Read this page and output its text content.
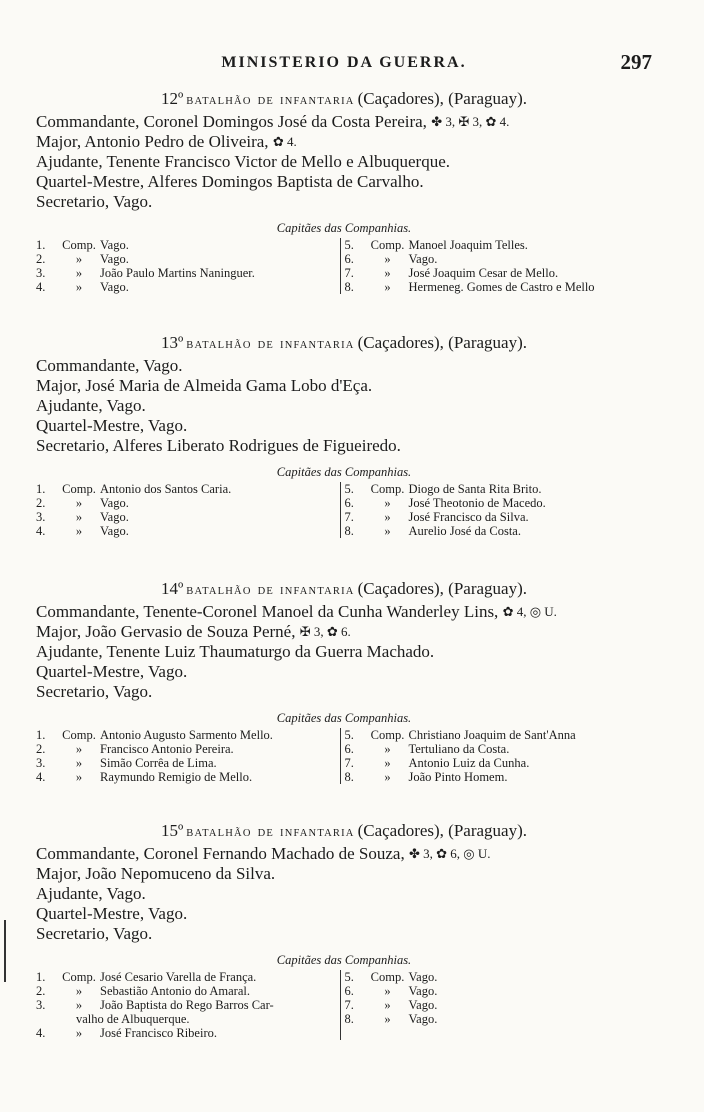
MINISTERIO DA GUERRA.	297
12º BATALHÃO DE INFANTARIA (Caçadores), (Paraguay).
Commandante, Coronel Domingos José da Costa Pereira, ✤ 3, ✠ 3, ✿ 4.
Major, Antonio Pedro de Oliveira, ✿ 4.
Ajudante, Tenente Francisco Victor de Mello e Albuquerque.
Quartel-Mestre, Alferes Domingos Baptista de Carvalho.
Secretario, Vago.
Capitães das Companhias.
1.	Comp. Vago.
2.	»	Vago.
3.	»	João Paulo Martins Naninguer.
4.	»	Vago.
5.	Comp. Manoel Joaquim Telles.
6.	»	Vago.
7.	»	José Joaquim Cesar de Mello.
8.	»	Hermeneg. Gomes de Castro e Mello
13º BATALHÃO DE INFANTARIA (Caçadores), (Paraguay).
Commandante, Vago.
Major, José Maria de Almeida Gama Lobo d'Eça.
Ajudante, Vago.
Quartel-Mestre, Vago.
Secretario, Alferes Liberato Rodrigues de Figueiredo.
Capitães das Companhias.
1.	Comp. Antonio dos Santos Caria.
2.	»	Vago.
3.	»	Vago.
4.	»	Vago.
5.	Comp. Diogo de Santa Rita Brito.
6.	»	José Theotonio de Macedo.
7.	»	José Francisco da Silva.
8.	»	Aurelio José da Costa.
14º BATALHÃO DE INFANTARIA (Caçadores), (Paraguay).
Commandante, Tenente-Coronel Manoel da Cunha Wanderley Lins, ✿ 4, ◎ U.
Major, João Gervasio de Souza Perné, ✠ 3, ✿ 6.
Ajudante, Tenente Luiz Thaumaturgo da Guerra Machado.
Quartel-Mestre, Vago.
Secretario, Vago.
Capitães das Companhias.
1.	Comp. Antonio Augusto Sarmento Mello.
2.	»	Francisco Antonio Pereira.
3.	»	Simão Corrêa de Lima.
4.	»	Raymundo Remigio de Mello.
5.	Comp. Christiano Joaquim de Sant'Anna
6.	»	Tertuliano da Costa.
7.	»	Antonio Luiz da Cunha.
8.	»	João Pinto Homem.
15º BATALHÃO DE INFANTARIA (Caçadores), (Paraguay).
Commandante, Coronel Fernando Machado de Souza, ✤ 3, ✿ 6, ◎ U.
Major, João Nepomuceno da Silva.
Ajudante, Vago.
Quartel-Mestre, Vago.
Secretario, Vago.
Capitães das Companhias.
1.	Comp. José Cesario Varella de França.
2.	»	Sebastião Antonio do Amaral.
3.	»	João Baptista do Rego Barros Car-
valho de Albuquerque.
4.	»	José Francisco Ribeiro.
5.	Comp. Vago.
6.	»	Vago.
7.	»	Vago.
8.	»	Vago.
